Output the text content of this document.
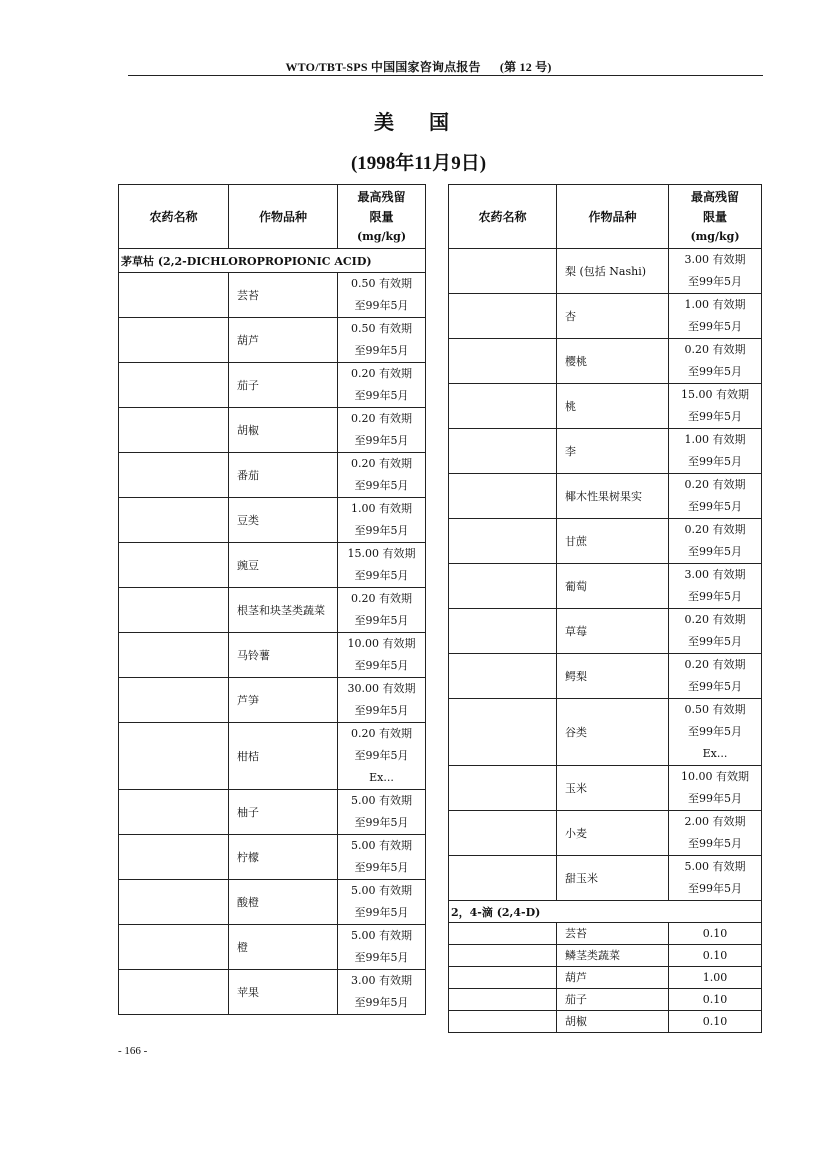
WTO/TBT-SPS 中国国家咨询点报告 (第 12 号)
美 国
(1998年11月9日)
农药名称	作物品种	最高残留
限量
(mg/kg)

茅草枯 (2,2-DICHLOROPROPIONIC ACID)		
	芸苔	0.50 有效期
至99年5月

	葫芦	0.50 有效期
至99年5月

	茄子	0.20 有效期
至99年5月

	胡椒	0.20 有效期
至99年5月

	番茄	0.20 有效期
至99年5月

	豆类	1.00 有效期
至99年5月

	豌豆	15.00 有效期
至99年5月

	根茎和块茎类蔬菜	0.20 有效期
至99年5月

	马铃薯	10.00 有效期
至99年5月

	芦笋	30.00 有效期
至99年5月

	柑桔	0.20 有效期
至99年5月
Ex...

	柚子	5.00 有效期
至99年5月

	柠檬	5.00 有效期
至99年5月

	酸橙	5.00 有效期
至99年5月

	橙	5.00 有效期
至99年5月

	苹果	3.00 有效期
至99年5月
农药名称	作物品种	最高残留
限量
(mg/kg)

	梨 (包括 Nashi)	3.00 有效期
至99年5月

	杏	1.00 有效期
至99年5月

	樱桃	0.20 有效期
至99年5月

	桃	15.00 有效期
至99年5月

	李	1.00 有效期
至99年5月

	椰木性果树果实	0.20 有效期
至99年5月

	甘蔗	0.20 有效期
至99年5月

	葡萄	3.00 有效期
至99年5月

	草莓	0.20 有效期
至99年5月

	鳄梨	0.20 有效期
至99年5月

	谷类	0.50 有效期
至99年5月
Ex...

	玉米	10.00 有效期
至99年5月

	小麦	2.00 有效期
至99年5月

	甜玉米	5.00 有效期
至99年5月

2，4-滴 (2,4-D)		
	芸苔	0.10
	鳞茎类蔬菜	0.10
	葫芦	1.00
	茄子	0.10
	胡椒	0.10
- 166 -
